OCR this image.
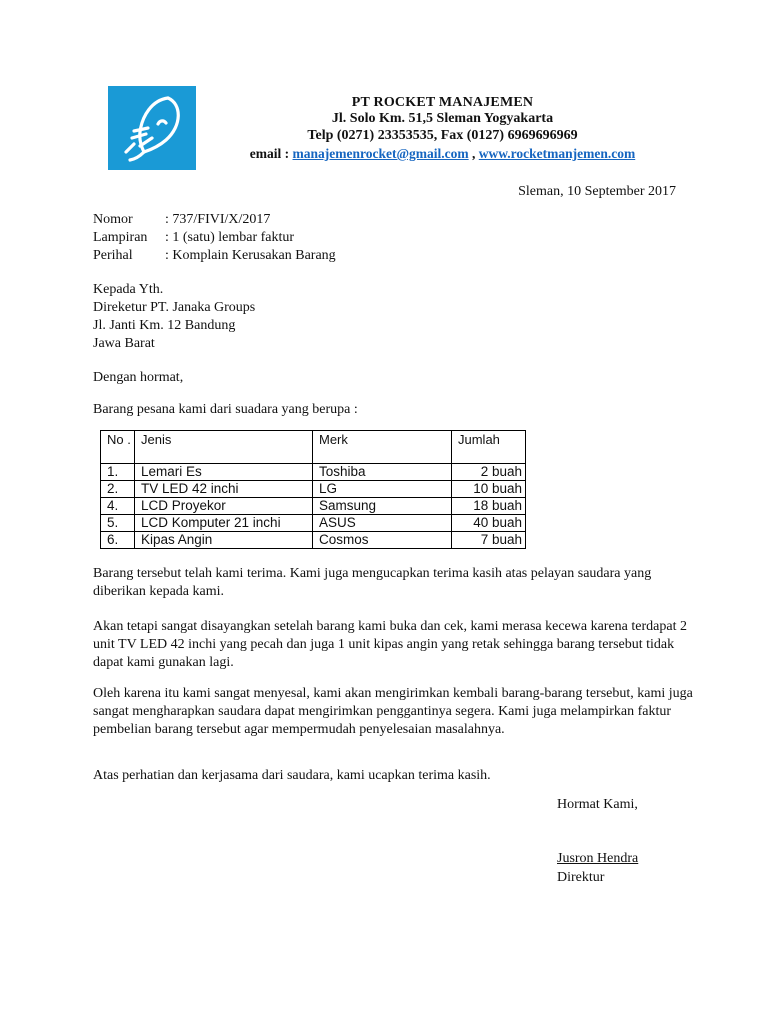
PT ROCKET MANAJEMEN
Jl. Solo Km. 51,5 Sleman Yogyakarta
Telp (0271) 23353535, Fax (0127) 6969696969
email : manajemenrocket@gmail.com , www.rocketmanjemen.com
Sleman, 10 September 2017
Nomor : 737/FIVI/X/2017
Lampiran : 1 (satu) lembar faktur
Perihal : Komplain Kerusakan Barang
Kepada Yth.
Direketur PT. Janaka Groups
Jl. Janti Km. 12 Bandung
Jawa Barat
Dengan hormat,
Barang pesana kami dari suadara yang berupa :
No .	Jenis	Merk	Jumlah
1.	Lemari Es	Toshiba	2 buah
2.	TV LED 42 inchi	LG	10 buah
4.	LCD Proyekor	Samsung	18 buah
5.	LCD Komputer 21 inchi	ASUS	40 buah
6.	Kipas Angin	Cosmos	7 buah
Barang tersebut telah kami terima. Kami juga mengucapkan terima kasih atas pelayan saudara yang diberikan kepada kami.
Akan tetapi sangat disayangkan setelah barang kami buka dan cek, kami merasa kecewa karena terdapat 2 unit TV LED 42 inchi yang pecah dan juga 1 unit kipas angin yang retak sehingga barang tersebut tidak dapat kami gunakan lagi.
Oleh karena itu kami sangat menyesal, kami akan mengirimkan kembali barang-barang tersebut, kami juga sangat mengharapkan saudara dapat mengirimkan penggantinya segera. Kami juga melampirkan faktur pembelian barang tersebut agar mempermudah penyelesaian masalahnya.
Atas perhatian dan kerjasama dari saudara, kami ucapkan terima kasih.
Hormat Kami,
Jusron Hendra
Direktur
